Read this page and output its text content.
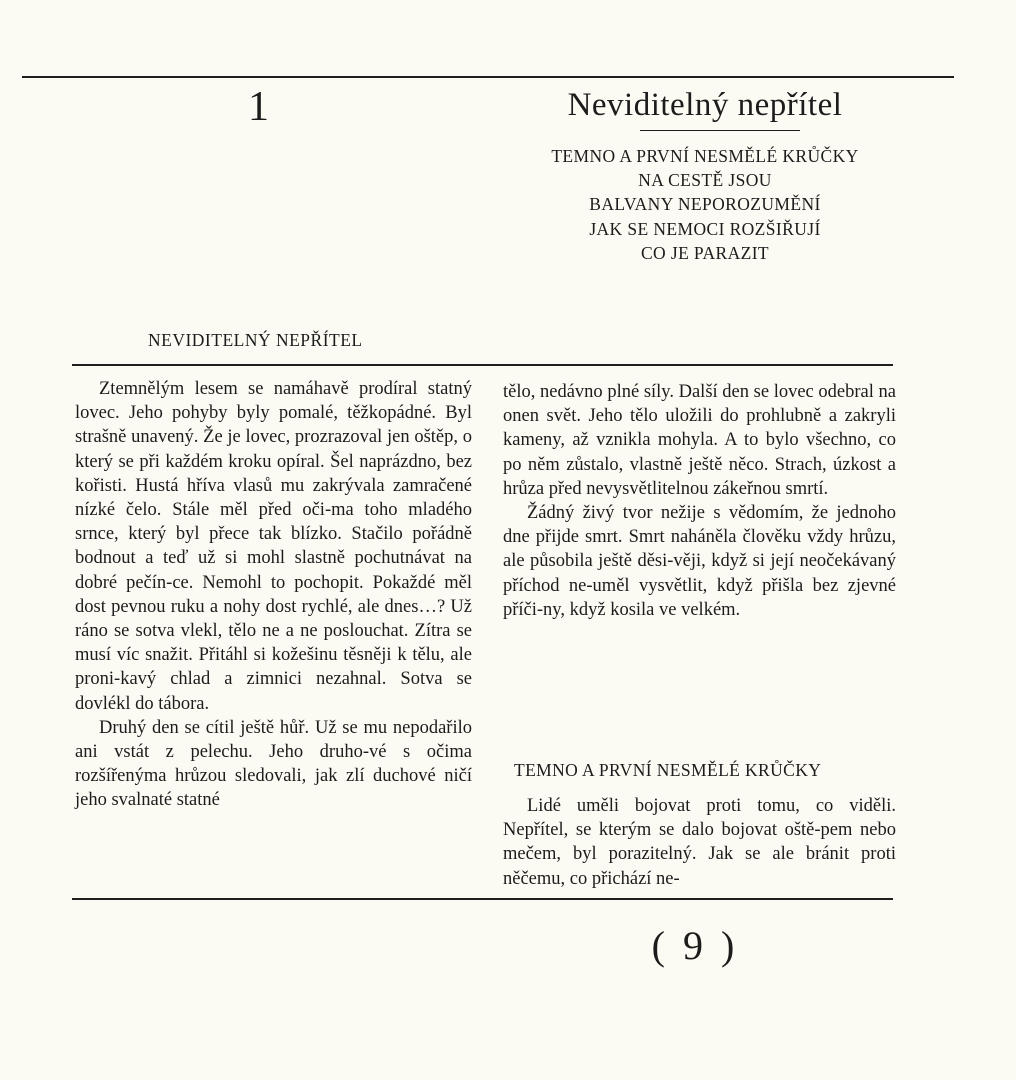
1	Neviditelný nepřítel
TEMNO A PRVNÍ NESMĚLÉ KRŮČKY
NA CESTĚ JSOU
BALVANY NEPOROZUMĚNÍ
JAK SE NEMOCI ROZŠIŘUJÍ
CO JE PARAZIT
NEVIDITELNÝ NEPŘÍTEL

Ztemnělým lesem se namáhavě prodíral statný lovec. Jeho pohyby byly pomalé, těžkopádné. Byl strašně unavený. Že je lovec, prozrazoval jen oštěp, o který se při každém kroku opíral. Šel naprázdno, bez kořisti. Hustá hříva vlasů mu zakrývala zamračené nízké čelo. Stále měl před oči-ma toho mladého srnce, který byl přece tak blízko. Stačilo pořádně bodnout a teď už si mohl slastně pochutnávat na dobré pečín-ce. Nemohl to pochopit. Pokaždé měl dost pevnou ruku a nohy dost rychlé, ale dnes…? Už ráno se sotva vlekl, tělo ne a ne poslouchat. Zítra se musí víc snažit. Přitáhl si kožešinu těsněji k tělu, ale proni-kavý chlad a zimnici nezahnal. Sotva se dovlékl do tábora.

Druhý den se cítil ještě hůř. Už se mu nepodařilo ani vstát z pelechu. Jeho druho-vé s očima rozšířenýma hrůzou sledovali, jak zlí duchové ničí jeho svalnaté statné

tělo, nedávno plné síly. Další den se lovec odebral na onen svět. Jeho tělo uložili do prohlubně a zakryli kameny, až vznikla mohyla. A to bylo všechno, co po něm zůstalo, vlastně ještě něco. Strach, úzkost a hrůza před nevysvětlitelnou zákeřnou smrtí.

Žádný živý tvor nežije s vědomím, že jednoho dne přijde smrt. Smrt naháněla člověku vždy hrůzu, ale působila ještě děsi-věji, když si její neočekávaný příchod ne-uměl vysvětlit, když přišla bez zjevné příči-ny, když kosila ve velkém.

TEMNO A PRVNÍ NESMĚLÉ KRŮČKY

Lidé uměli bojovat proti tomu, co viděli. Nepřítel, se kterým se dalo bojovat oště-pem nebo mečem, byl porazitelný. Jak se ale bránit proti něčemu, co přichází ne-

( 9 )
